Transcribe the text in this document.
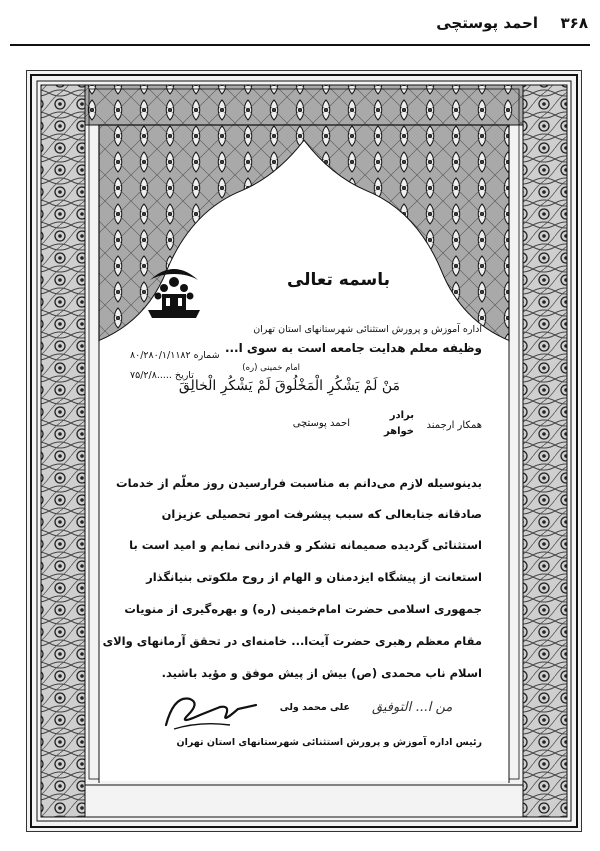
احمد پوستچی ۳۶۸
باسمه تعالی
اداره آموزش و پرورش استثنائی شهرستانهای استان تهران
وظیفه معلم هدایت جامعه است به سوی ا...
شماره ۸۰/۲۸۰/۱/۱۱۸۲
تاریخ .....۷۵/۲/۸
امام خمینی (ره)
مَنْ لَمْ يَشْكُرِ الْمَخْلُوقَ لَمْ يَشْكُرِ الْخالِقَ
همکار ارجمند
برادر
خواهر
احمد پوستچی
بدینوسیله لازم می‌دانم به مناسبت فرارسیدن روز معلّم از خدمات
صادقانه جنابعالی که سبب پیشرفت امور تحصیلی عزیزان
استثنائی گردیده صمیمانه تشکر و قدردانی نمایم و امید است با
استعانت از پیشگاه ایزدمنان و الهام از روح ملکوتی بنیانگذار
جمهوری اسلامی حضرت امام‌خمینی (ره) و بهره‌گیری از منویات
مقام معظم رهبری حضرت آیت‌ا... خامنه‌ای در تحقق آرمانهای والای
اسلام ناب محمدی (ص) بیش از پیش موفق و مؤید باشید.
علی محمد ولی
رئیس اداره آموزش و پرورش استثنائی شهرستانهای استان تهران
من ا... التوفیق
